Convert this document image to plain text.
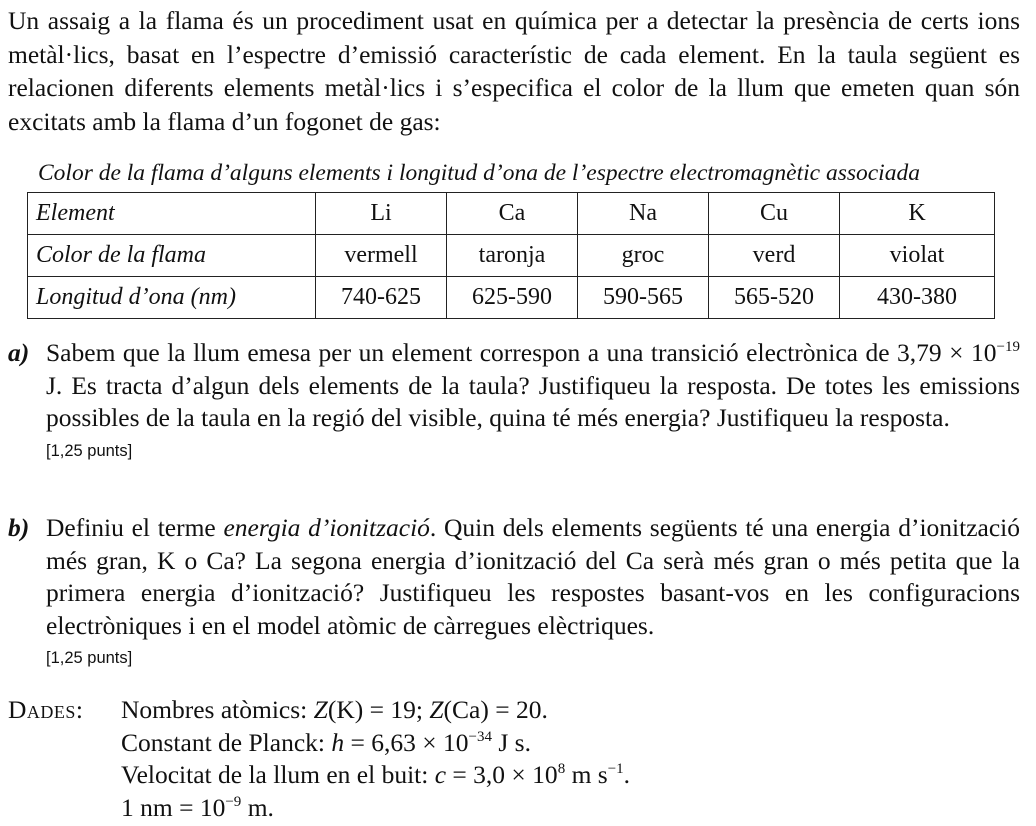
Un assaig a la flama és un procediment usat en química per a detectar la presència de certs ions metàl·lics, basat en l’espectre d’emissió característic de cada element. En la taula següent es relacionen diferents elements metàl·lics i s’especifica el color de la llum que emeten quan són excitats amb la flama d’un fogonet de gas:
Color de la flama d’alguns elements i longitud d’ona de l’espectre electromagnètic associada
Element	Li	Ca	Na	Cu	K
Color de la flama	vermell	taronja	groc	verd	violat
Longitud d’ona (nm)	740-625	625-590	590-565	565-520	430-380
a) Sabem que la llum emesa per un element correspon a una transició electrònica de $3,79 \times 10^{-19}$ J. Es tracta d’algun dels elements de la taula? Justifiqueu la resposta. De totes les emissions possibles de la taula en la regió del visible, quina té més energia? Justifiqueu la resposta.
[1,25 punts]
b) Definiu el terme energia d’ionització. Quin dels elements següents té una energia d’ionització més gran, K o Ca? La segona energia d’ionització del Ca serà més gran o més petita que la primera energia d’ionització? Justifiqueu les respostes basant-vos en les configuracions electròniques i en el model atòmic de càrregues elèctriques.
[1,25 punts]
Dades: Nombres atòmics: Z(K) = 19; Z(Ca) = 20.
Constant de Planck: $h = 6,63 \times 10^{-34}$ J s.
Velocitat de la llum en el buit: $c = 3,0 \times 10^8$ m $s^{-1}$.
1 nm = $10^{-9}$ m.
